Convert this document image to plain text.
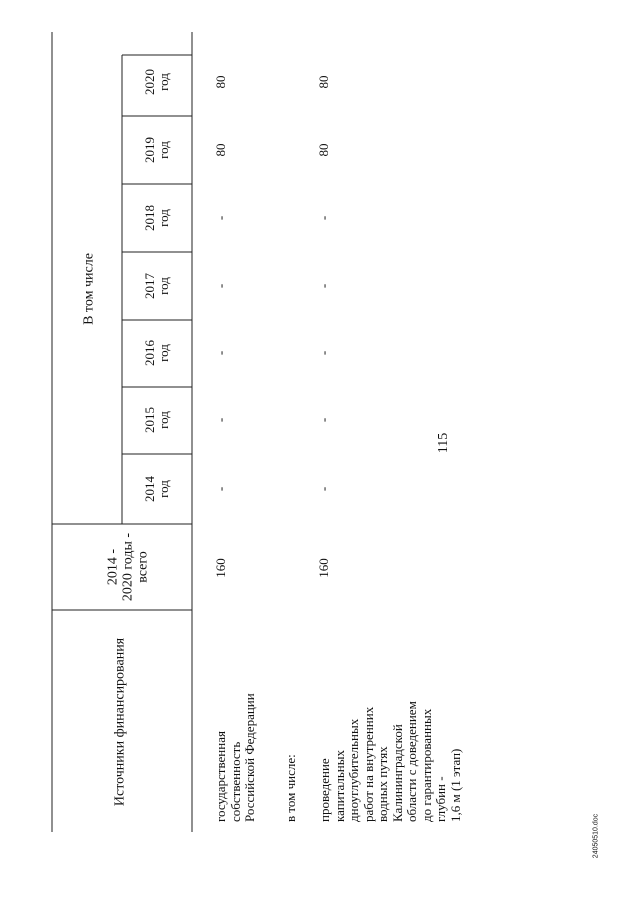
115
24050510.doc
Источники финансирования
2014 - 2020 годы - всего
В том числе
2014 год
2015 год
2016 год
2017 год
2018 год
2019 год
2020 год
государственная
собственность
Российской Федерации
в том числе: проведение
капитальных
дноуглубительных
работ на внутренних
водных путях
Калининградской
области с доведением
до гарантированных
глубин -
1,6 м (1 этап)
160
-
-
-
-
-
80
80
160
-
-
-
-
-
80
80
